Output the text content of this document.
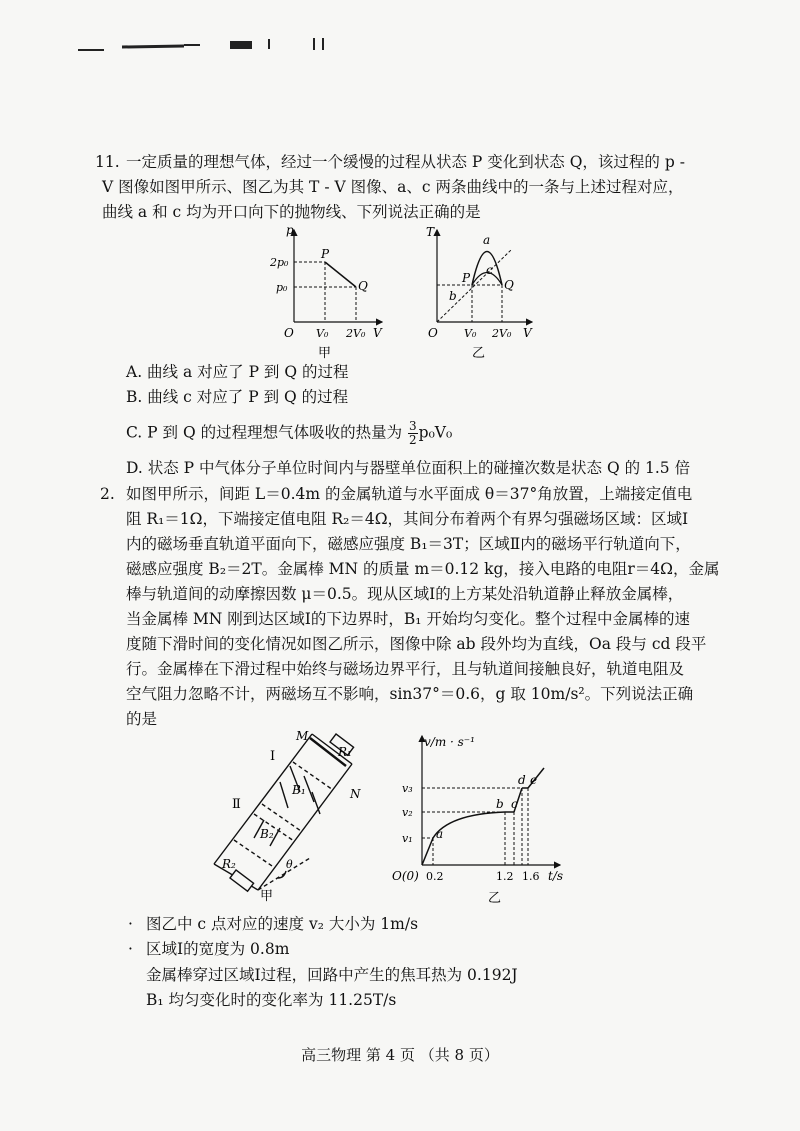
11. 一定质量的理想气体，经过一个缓慢的过程从状态 P 变化到状态 Q，该过程的 p -
V 图像如图甲所示、图乙为其 T - V 图像、a、c 两条曲线中的一条与上述过程对应，
曲线 a 和 c 均为开口向下的抛物线、下列说法正确的是
p
2p₀
p₀
O V₀ 2V₀ V
P
Q
甲
T
O V₀ 2V₀ V
a
b
c
P	Q
乙
A. 曲线 a 对应了 P 到 Q 的过程
B. 曲线 c 对应了 P 到 Q 的过程
C. P 到 Q 的过程理想气体吸收的热量为 $\frac{3}{2} p_0V_0$
D. 状态 P 中气体分子单位时间内与器壁单位面积上的碰撞次数是状态 Q 的 1.5 倍
2. 如图甲所示，间距 L＝0.4m 的金属轨道与水平面成 θ＝37°角放置，上端接定值电
阻 R₁＝1Ω，下端接定值电阻 R₂＝4Ω，其间分布着两个有界匀强磁场区域：区域Ⅰ
内的磁场垂直轨道平面向下，磁感应强度 B₁＝3T；区域Ⅱ内的磁场平行轨道向下，
磁感应强度 B₂＝2T。金属棒 MN 的质量 m＝0.12 kg，接入电路的电阻r＝4Ω，金属
棒与轨道间的动摩擦因数 μ＝0.5。现从区域Ⅰ的上方某处沿轨道静止释放金属棒，
当金属棒 MN 刚到达区域Ⅰ的下边界时，B₁ 开始均匀变化。整个过程中金属棒的速
度随下滑时间的变化情况如图乙所示，图像中除 ab 段外均为直线，Oa 段与 cd 段平
行。金属棒在下滑过程中始终与磁场边界平行，且与轨道间接触良好，轨道电阻及
空气阻力忽略不计，两磁场互不影响，sin37°＝0.6，g 取 10m/s²。下列说法正确
的是
M
N
R₁
R₂
Ⅰ
Ⅱ
B₁
B₂
θ
甲
v/m · s⁻¹
t/s
O(0)
v₃
v₂
v₁
0.2	1.2 1.6
a
b c
d e
乙
· 图乙中 c 点对应的速度 v₂ 大小为 1m/s
· 区域Ⅰ的宽度为 0.8m
金属棒穿过区域Ⅰ过程，回路中产生的焦耳热为 0.192J
B₁ 均匀变化时的变化率为 11.25T/s
高三物理 第 4 页 （共 8 页）
